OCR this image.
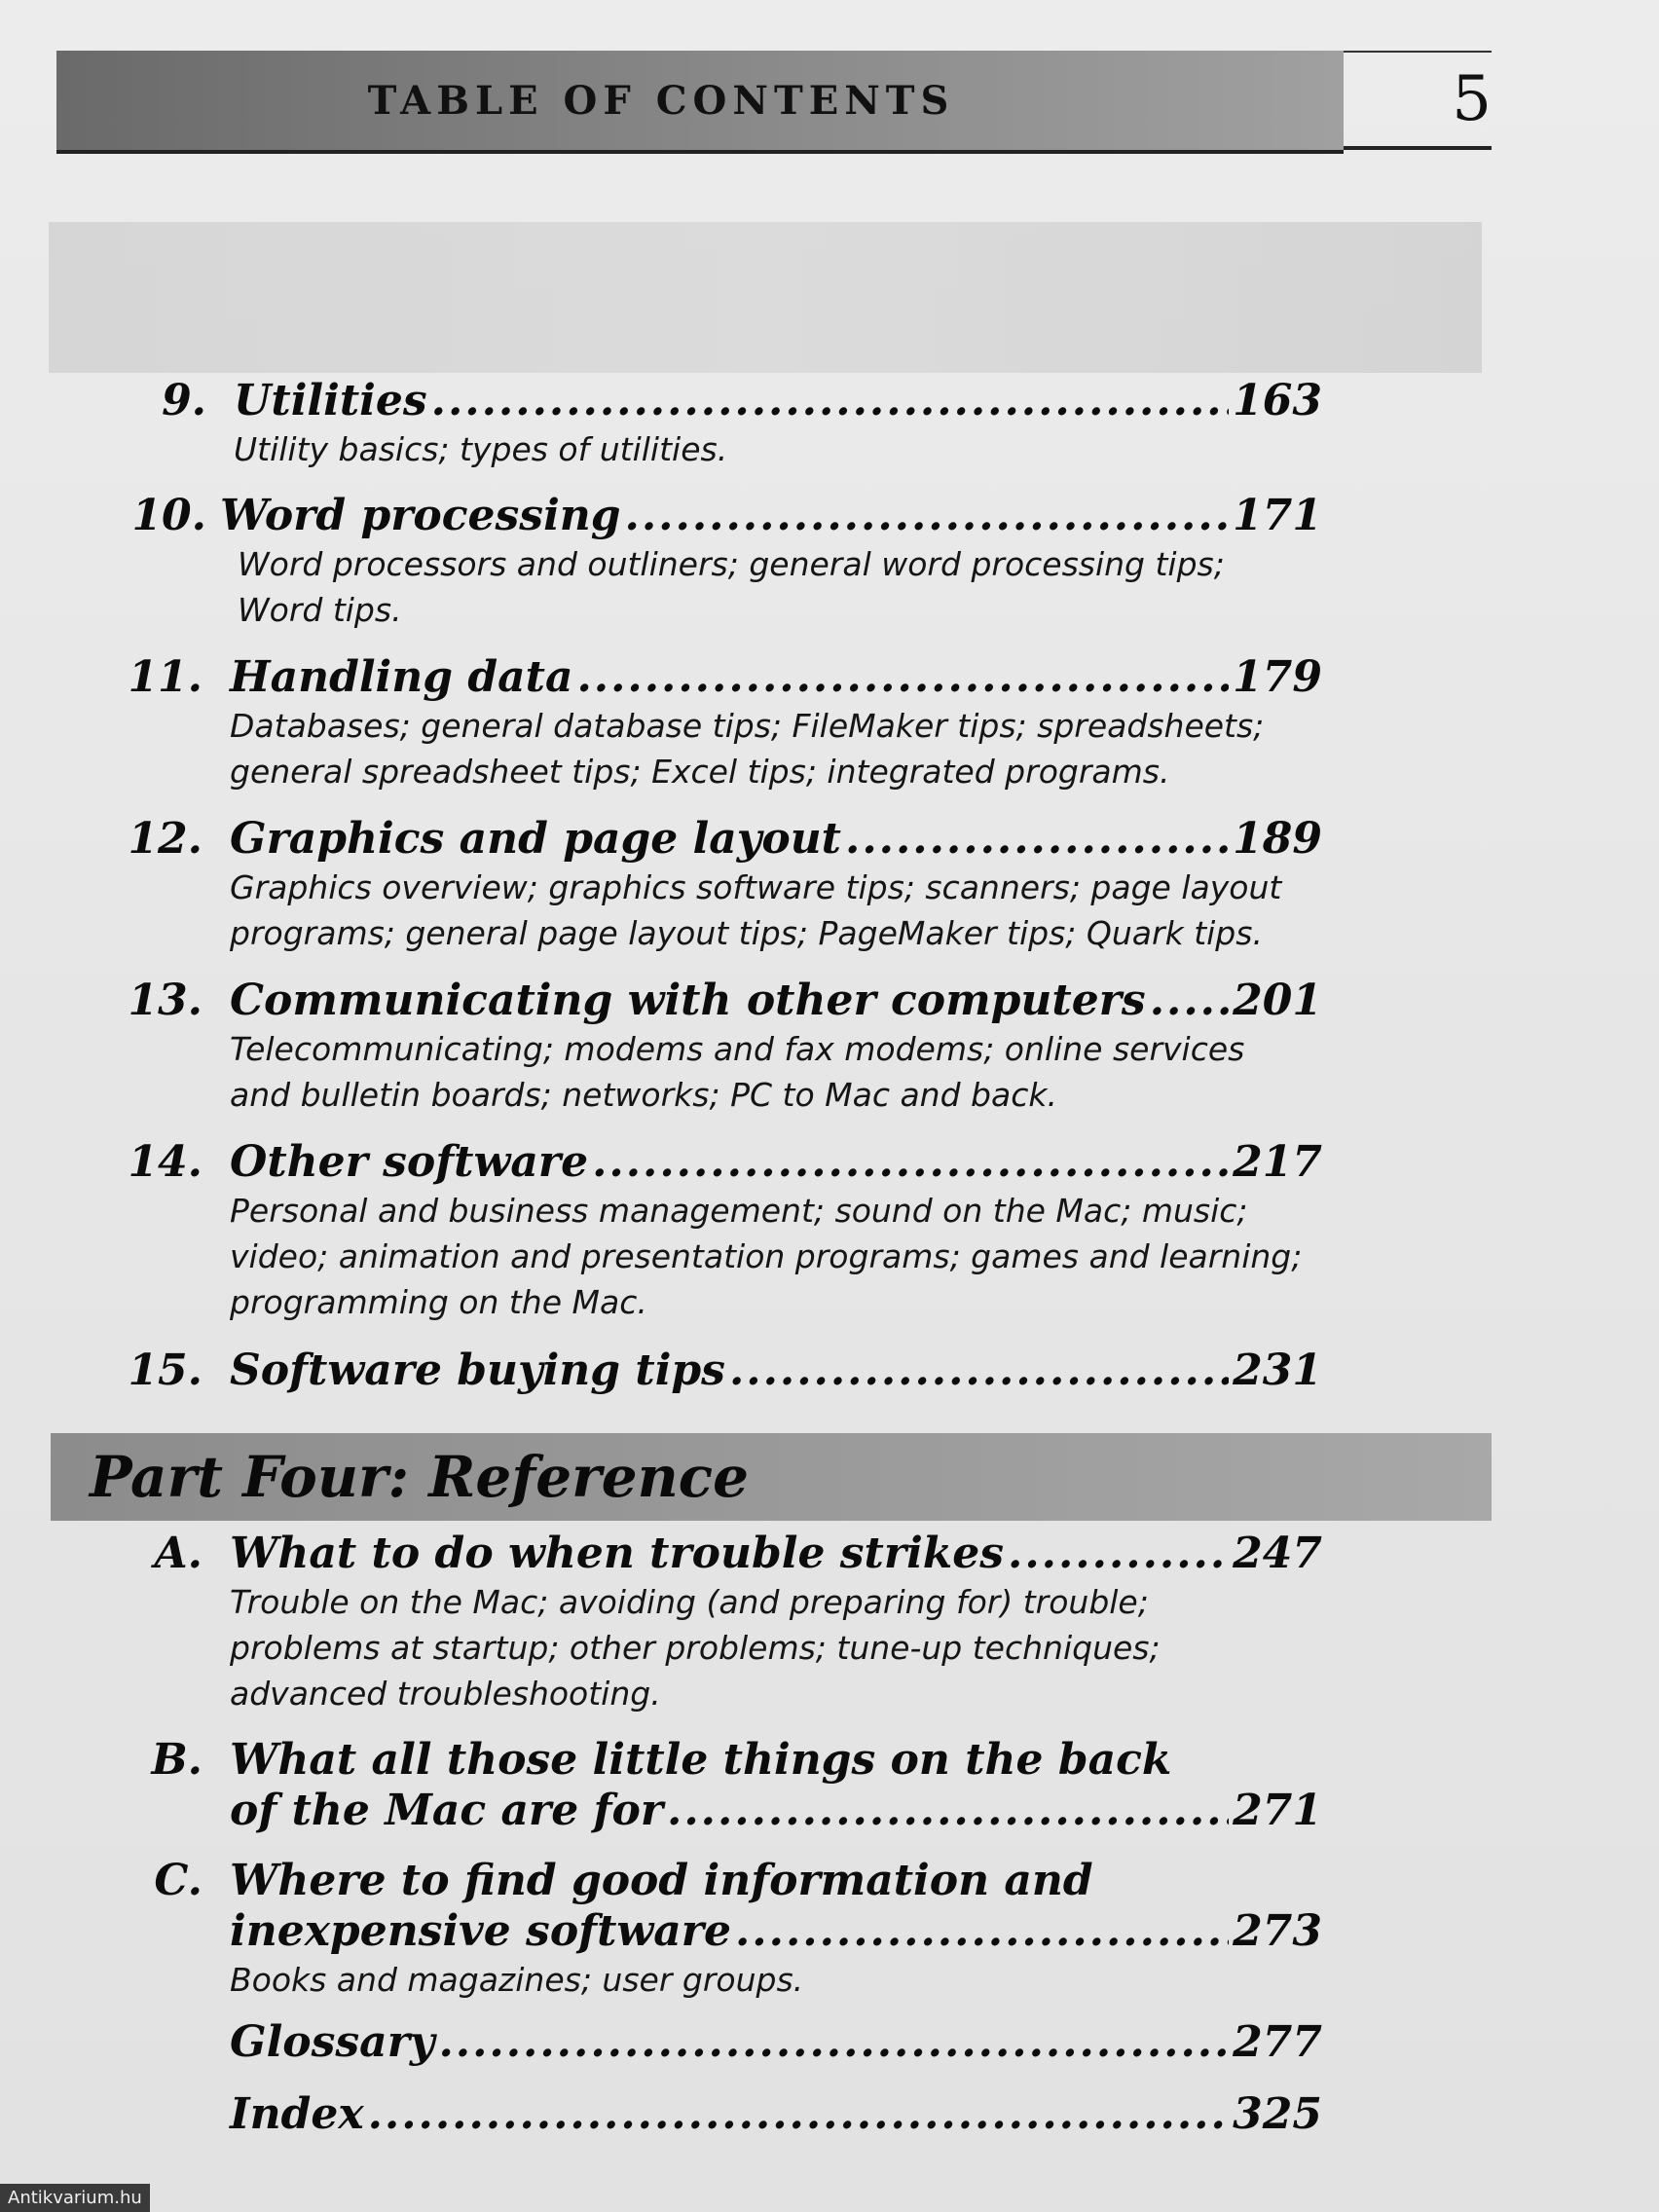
TABLE OF CONTENTS	5
9. Utilities .....	163
Utility basics; types of utilities.
10. Word processing .....	171
Word processors and outliners; general word processing tips;
Word tips.
11. Handling data .....	179
Databases; general database tips; FileMaker tips; spreadsheets;
general spreadsheet tips; Excel tips; integrated programs.
12. Graphics and page layout .....	189
Graphics overview; graphics software tips; scanners; page layout
programs; general page layout tips; PageMaker tips; Quark tips.
13. Communicating with other computers ..... 201
Telecommunicating; modems and fax modems; online services
and bulletin boards; networks; PC to Mac and back.
14. Other software .....	217
Personal and business management; sound on the Mac; music;
video; animation and presentation programs; games and learning;
programming on the Mac.
15. Software buying tips .....	231
Part Four: Reference
A. What to do when trouble strikes .....	247
Trouble on the Mac; avoiding (and preparing for) trouble;
problems at startup; other problems; tune-up techniques;
advanced troubleshooting.
B. What all those little things on the back
of the Mac are for .....	271
C. Where to find good information and
inexpensive software .....	273
Books and magazines; user groups.
Glossary .....	277
Index .....	325
Antikvarium.hu
